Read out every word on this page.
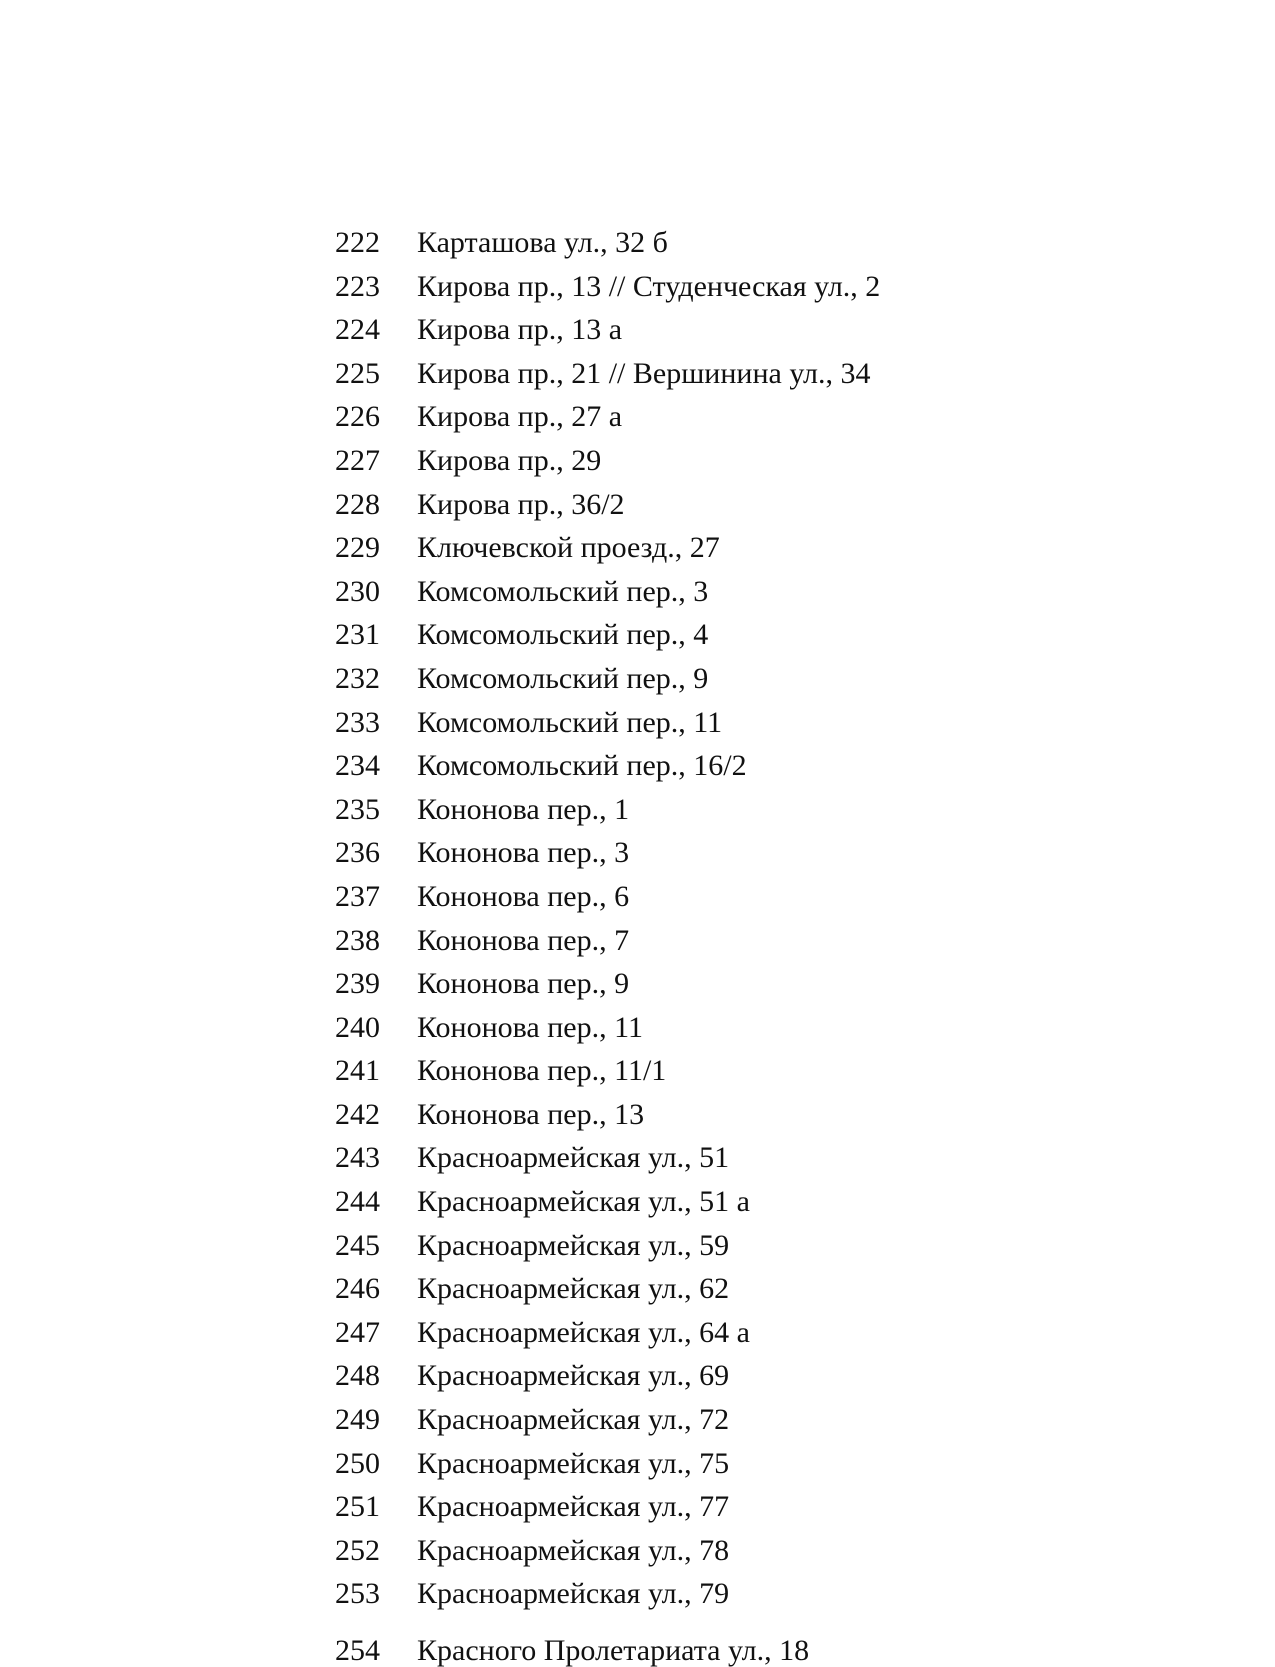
222	Карташова ул., 32 б
223	Кирова пр., 13 // Студенческая ул., 2
224	Кирова пр., 13 а
225	Кирова пр., 21 // Вершинина ул., 34
226	Кирова пр., 27 а
227	Кирова пр., 29
228	Кирова пр., 36/2
229	Ключевской проезд., 27
230	Комсомольский пер., 3
231	Комсомольский пер., 4
232	Комсомольский пер., 9
233	Комсомольский пер., 11
234	Комсомольский пер., 16/2
235	Кононова пер., 1
236	Кононова пер., 3
237	Кононова пер., 6
238	Кононова пер., 7
239	Кононова пер., 9
240	Кононова пер., 11
241	Кононова пер., 11/1
242	Кононова пер., 13
243	Красноармейская ул., 51
244	Красноармейская ул., 51 а
245	Красноармейская ул., 59
246	Красноармейская ул., 62
247	Красноармейская ул., 64 а
248	Красноармейская ул., 69
249	Красноармейская ул., 72
250	Красноармейская ул., 75
251	Красноармейская ул., 77
252	Красноармейская ул., 78
253	Красноармейская ул., 79
254	Красного Пролетариата ул., 18
